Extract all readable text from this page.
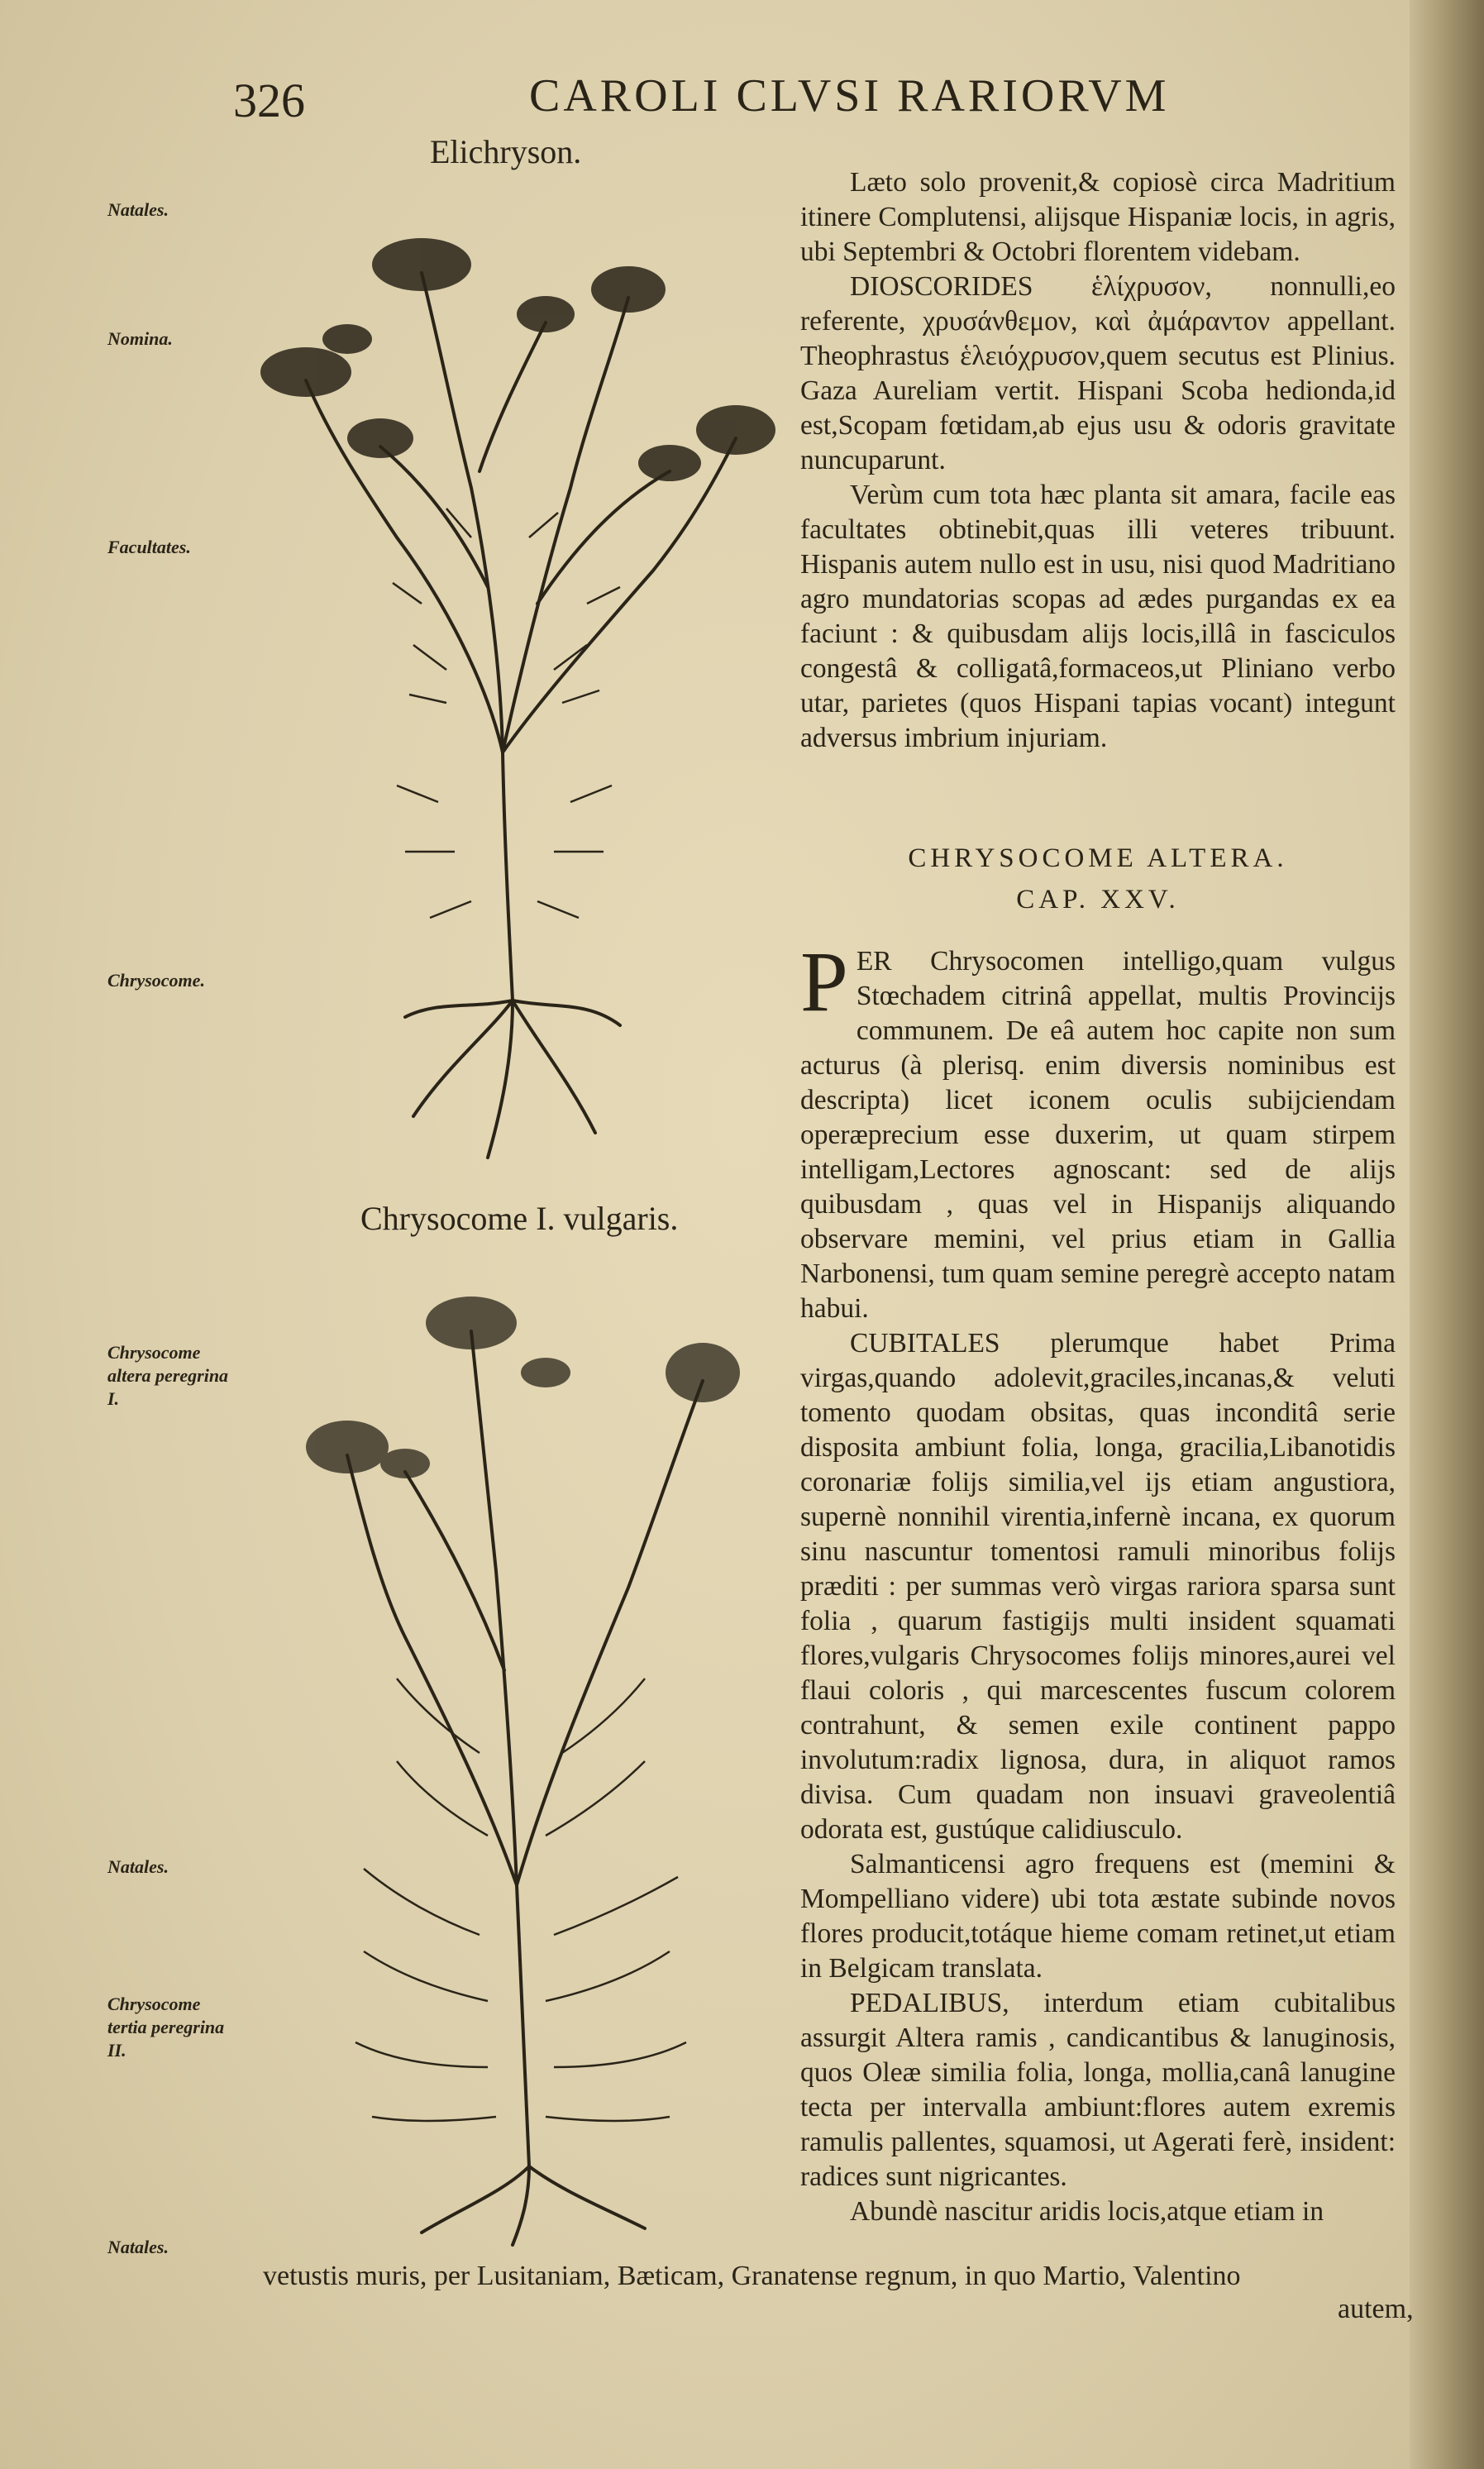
326	CAROLI CLVSI RARIORVM
Elichryson.
Chrysocome I. vulgaris.
Natales.
Nomina.
Facultates.
Chrysocome.
Chrysocome altera peregrina I.
Natales.
Chrysocome tertia peregrina II.
Natales.

Læto solo provenit,& copiosè circa Madritium itinere Complutensi, alijsque Hispaniæ locis, in agris, ubi Septembri & Octobri florentem videbam.

DIOSCORIDES ἑλίχρυσον, nonnulli,eo referente, χρυσάνθεμον, καὶ ἀμάραντον appellant. Theophrastus ἑλειόχρυσον,quem secutus est Plinius. Gaza Aureliam vertit. Hispani Scoba hedionda,id est,Scopam fœtidam,ab ejus usu & odoris gravitate nuncuparunt.

Verùm cum tota hæc planta sit amara, facile eas facultates obtinebit,quas illi veteres tribuunt. Hispanis autem nullo est in usu, nisi quod Madritiano agro mundatorias scopas ad ædes purgandas ex ea faciunt : & quibusdam alijs locis,illâ in fasciculos congestâ & colligatâ,formaceos,ut Pliniano verbo utar, parietes (quos Hispani tapias vocant) integunt adversus imbrium injuriam.

CHRYSOCOME ALTERA.
CAP. XXV.

PER Chrysocomen intelligo,quam vulgus Stœchadem citrinâ appellat, multis Provincijs communem. De eâ autem hoc capite non sum acturus (à plerisq. enim diversis nominibus est descripta) licet iconem oculis subijciendam operæprecium esse duxerim, ut quam stirpem intelligam,Lectores agnoscant: sed de alijs quibusdam , quas vel in Hispanijs aliquando observare memini, vel prius etiam in Gallia Narbonensi, tum quam semine peregrè accepto natam habui.

CUBITALES plerumque habet Prima virgas,quando adolevit,graciles,incanas,& veluti tomento quodam obsitas, quas inconditâ serie disposita ambiunt folia, longa, gracilia,Libanotidis coronariæ folijs similia,vel ijs etiam angustiora, supernè nonnihil virentia,infernè incana, ex quorum sinu nascuntur tomentosi ramuli minoribus folijs præditi : per summas verò virgas rariora sparsa sunt folia , quarum fastigijs multi insident squamati flores,vulgaris Chrysocomes folijs minores,aurei vel flaui coloris , qui marcescentes fuscum colorem contrahunt, & semen exile continent pappo involutum:radix lignosa, dura, in aliquot ramos divisa. Cum quadam non insuavi graveolentiâ odorata est, gustúque calidiusculo.

Salmanticensi agro frequens est (memini & Mompelliano videre) ubi tota æstate subinde novos flores producit,totáque hieme comam retinet,ut etiam in Belgicam translata.

PEDALIBUS, interdum etiam cubitalibus assurgit Altera ramis , candicantibus & lanuginosis, quos Oleæ similia folia, longa, mollia,canâ lanugine tecta per intervalla ambiunt:flores autem exremis ramulis pallentes, squamosi, ut Agerati ferè, insident: radices sunt nigricantes.

Abundè nascitur aridis locis,atque etiam in

vetustis muris, per Lusitaniam, Bæticam, Granatense regnum, in quo Martio, Valentino
autem,
